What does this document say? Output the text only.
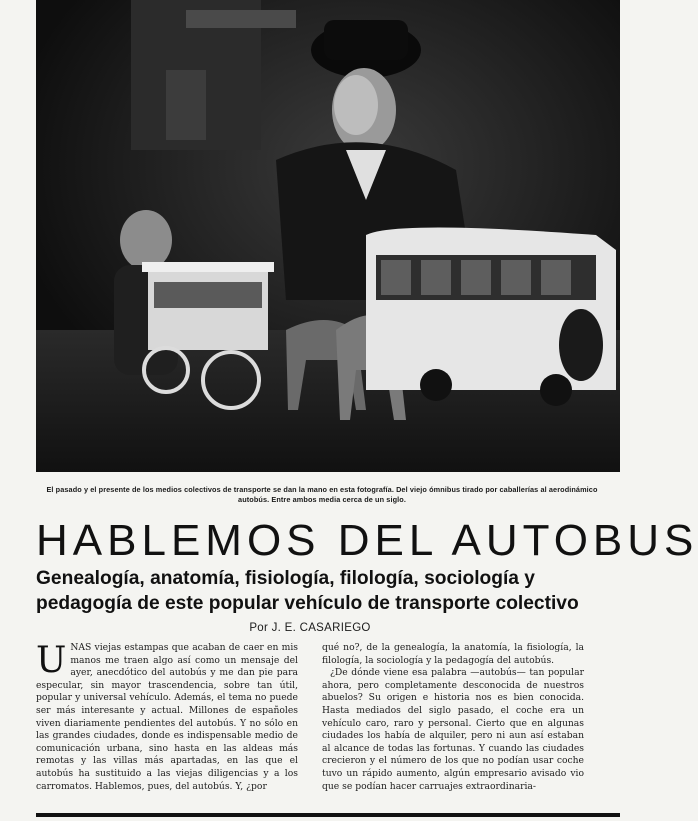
El pasado y el presente de los medios colectivos de transporte se dan la mano en esta fotografía. Del viejo ómnibus tirado por caballerías al aerodinámico autobús. Entre ambos media cerca de un siglo.
HABLEMOS DEL AUTOBUS
Genealogía, anatomía, fisiología, filología, sociología y
pedagogía de este popular vehículo de transporte colectivo
Por J. E. CASARIEGO

UNAS viejas estampas que acaban de caer en mis manos me traen algo así como un mensaje del ayer, anecdótico del autobús y me dan pie para especular, sin mayor trascendencia, sobre tan útil, popular y universal vehículo. Además, el tema no puede ser más interesante y actual. Millones de españoles viven diariamente pendientes del autobús. Y no sólo en las grandes ciudades, donde es indispensable medio de comunicación urbana, sino hasta en las aldeas más remotas y las villas más apartadas, en las que el autobús ha sustituido a las viejas diligencias y a los carromatos. Hablemos, pues, del autobús. Y, ¿por

qué no?, de la genealogía, la anatomía, la fisiología, la filología, la sociología y la pedagogía del autobús.

¿De dónde viene esa palabra —autobús— tan popular ahora, pero completamente desconocida de nuestros abuelos? Su origen e historia nos es bien conocida. Hasta mediados del siglo pasado, el coche era un vehículo caro, raro y personal. Cierto que en algunas ciudades los había de alquiler, pero ni aun así estaban al alcance de todas las fortunas. Y cuando las ciudades crecieron y el número de los que no podían usar coche tuvo un rápido aumento, algún empresario avisado vio que se podían hacer carruajes extraordinaria-
